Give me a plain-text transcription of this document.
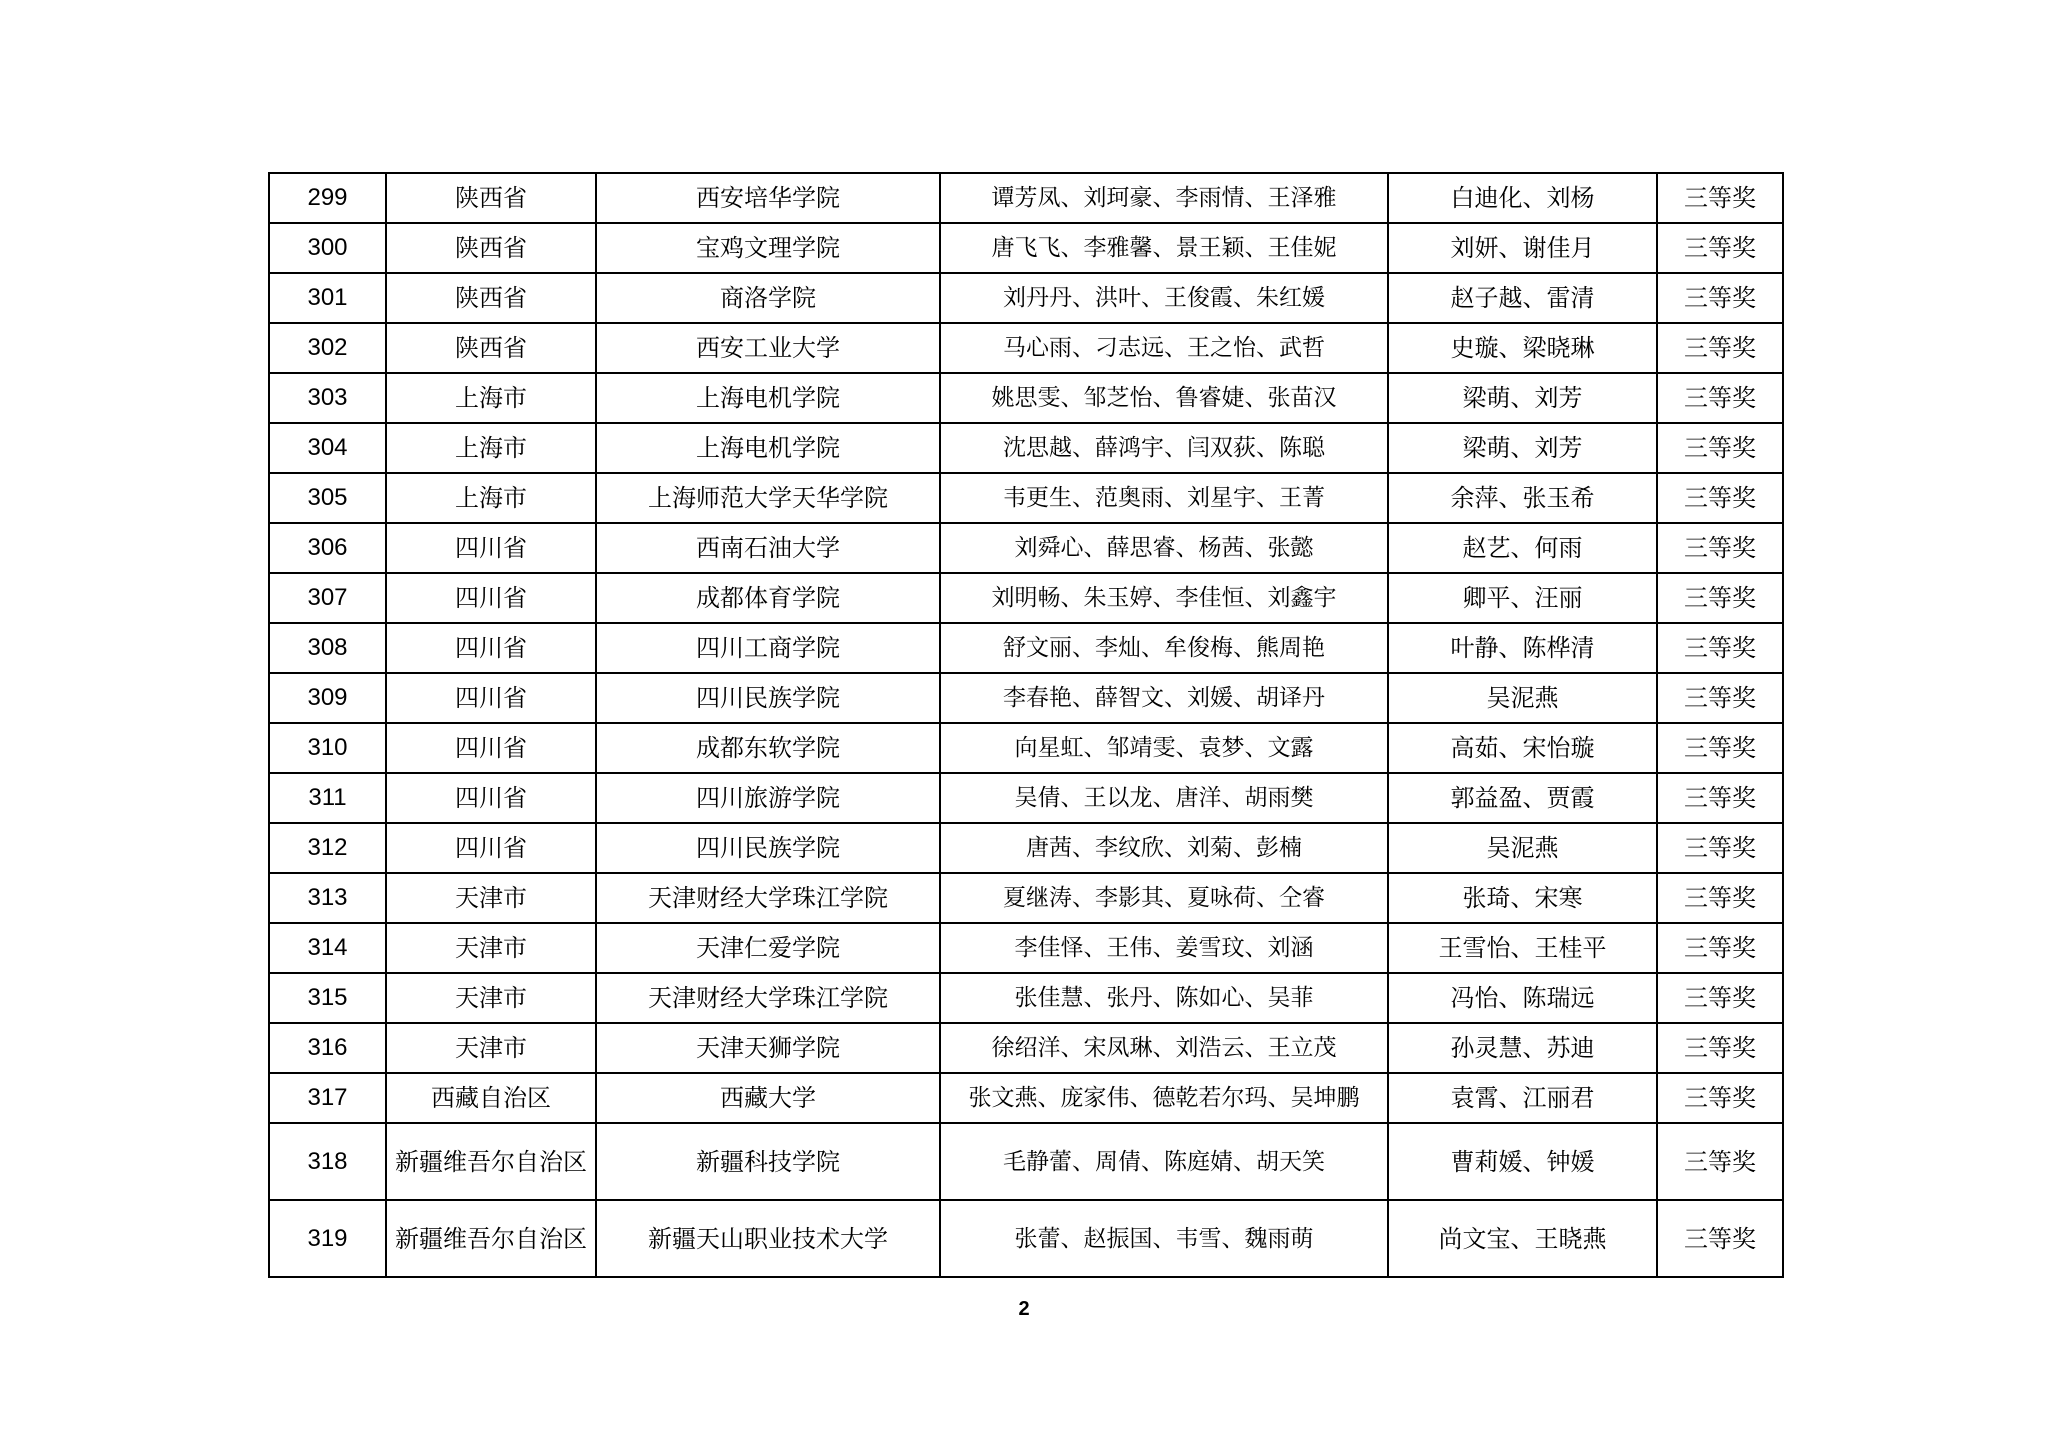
299	陕西省	西安培华学院	谭芳凤、刘珂豪、李雨情、王泽雅	白迪化、刘杨	三等奖
300	陕西省	宝鸡文理学院	唐飞飞、李雅馨、景王颖、王佳妮	刘妍、谢佳月	三等奖
301	陕西省	商洛学院	刘丹丹、洪叶、王俊霞、朱红媛	赵子越、雷清	三等奖
302	陕西省	西安工业大学	马心雨、刁志远、王之怡、武哲	史璇、梁晓琳	三等奖
303	上海市	上海电机学院	姚思雯、邹芝怡、鲁睿婕、张苗汉	梁萌、刘芳	三等奖
304	上海市	上海电机学院	沈思越、薛鸿宇、闫双荻、陈聪	梁萌、刘芳	三等奖
305	上海市	上海师范大学天华学院	韦更生、范奥雨、刘星宇、王菁	余萍、张玉希	三等奖
306	四川省	西南石油大学	刘舜心、薛思睿、杨茜、张懿	赵艺、何雨	三等奖
307	四川省	成都体育学院	刘明畅、朱玉婷、李佳恒、刘鑫宇	卿平、汪丽	三等奖
308	四川省	四川工商学院	舒文丽、李灿、牟俊梅、熊周艳	叶静、陈桦清	三等奖
309	四川省	四川民族学院	李春艳、薛智文、刘媛、胡译丹	吴泥燕	三等奖
310	四川省	成都东软学院	向星虹、邹靖雯、袁梦、文露	高茹、宋怡璇	三等奖
311	四川省	四川旅游学院	吴倩、王以龙、唐洋、胡雨樊	郭益盈、贾霞	三等奖
312	四川省	四川民族学院	唐茜、李纹欣、刘菊、彭楠	吴泥燕	三等奖
313	天津市	天津财经大学珠江学院	夏继涛、李影其、夏咏荷、仝睿	张琦、宋寒	三等奖
314	天津市	天津仁爱学院	李佳怿、王伟、姜雪玟、刘涵	王雪怡、王桂平	三等奖
315	天津市	天津财经大学珠江学院	张佳慧、张丹、陈如心、吴菲	冯怡、陈瑞远	三等奖
316	天津市	天津天狮学院	徐绍洋、宋凤琳、刘浩云、王立茂	孙灵慧、苏迪	三等奖
317	西藏自治区	西藏大学	张文燕、庞家伟、德乾若尔玛、吴坤鹏	袁霄、江丽君	三等奖
318	新疆维吾尔自治区	新疆科技学院	毛静蕾、周倩、陈庭婧、胡天笑	曹莉媛、钟媛	三等奖
319	新疆维吾尔自治区	新疆天山职业技术大学	张蕾、赵振国、韦雪、魏雨萌	尚文宝、王晓燕	三等奖
2
